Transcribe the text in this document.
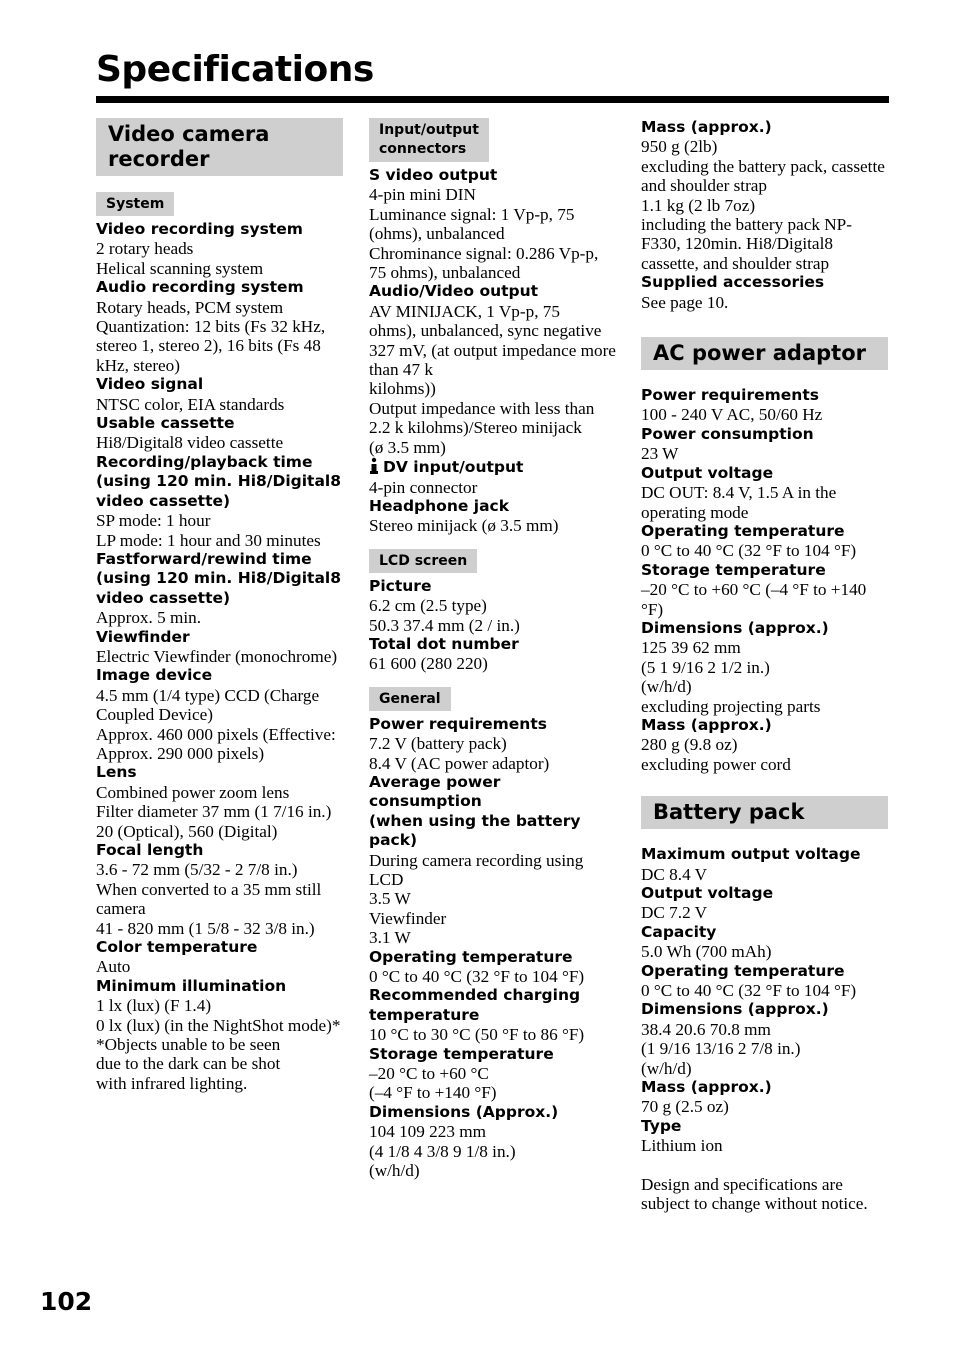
Specifications
Video camera recorder
System
Video recording system
2 rotary heads
Helical scanning system
Audio recording system
Rotary heads, PCM system
Quantization: 12 bits (Fs 32 kHz, stereo 1, stereo 2), 16 bits (Fs 48 kHz, stereo)
Video signal
NTSC color, EIA standards
Usable cassette
Hi8/Digital8 video cassette
Recording/playback time (using 120 min. Hi8/Digital8 video cassette)
SP mode: 1 hour
LP mode: 1 hour and 30 minutes
Fastforward/rewind time (using 120 min. Hi8/Digital8 video cassette)
Approx. 5 min.
Viewfinder
Electric Viewfinder (monochrome)
Image device
4.5 mm (1/4 type) CCD (Charge Coupled Device)
Approx. 460 000 pixels (Effective: Approx. 290 000 pixels)
Lens
Combined power zoom lens
Filter diameter 37 mm (1 7/16 in.)
20 (Optical), 560 (Digital)
Focal length
3.6 - 72 mm (5/32 - 2 7/8 in.)
When converted to a 35 mm still camera
41 - 820 mm (1 5/8 - 32 3/8 in.)
Color temperature
Auto
Minimum illumination
1 lx (lux) (F 1.4)
0 lx (lux) (in the NightShot mode)*
*Objects unable to be seen
due to the dark can be shot
with infrared lighting.
Input/output connectors
S video output
4-pin mini DIN
Luminance signal: 1 Vp-p, 75 (ohms), unbalanced
Chrominance signal: 0.286 Vp-p, 75 ohms), unbalanced
Audio/Video output
AV MINIJACK, 1 Vp-p, 75
ohms), unbalanced, sync negative 327 mV, (at output impedance more than 47 k
kilohms))
Output impedance with less than 2.2 k kilohms)/Stereo minijack
(ø 3.5 mm)
DV input/output
4-pin connector
Headphone jack
Stereo minijack (ø 3.5 mm)
LCD screen
Picture
6.2 cm (2.5 type)
50.3 37.4 mm (2 / in.)
Total dot number
61 600 (280 220)
General
Power requirements
7.2 V (battery pack)
8.4 V (AC power adaptor)
Average power consumption
(when using the battery pack)
During camera recording using LCD
3.5 W
Viewfinder
3.1 W
Operating temperature
0 °C to 40 °C (32 °F to 104 °F)
Recommended charging temperature
10 °C to 30 °C (50 °F to 86 °F)
Storage temperature
–20 °C to +60 °C
(–4 °F to +140 °F)
Dimensions (Approx.)
104 109 223 mm
(4 1/8 4 3/8 9 1/8 in.)
(w/h/d)
Mass (approx.)
950 g (2lb)
excluding the battery pack, cassette and shoulder strap
1.1 kg (2 lb 7oz)
including the battery pack NP-F330, 120min. Hi8/Digital8 cassette, and shoulder strap
Supplied accessories
See page 10.
AC power adaptor
Power requirements
100 - 240 V AC, 50/60 Hz
Power consumption
23 W
Output voltage
DC OUT: 8.4 V, 1.5 A in the operating mode
Operating temperature
0 °C to 40 °C (32 °F to 104 °F)
Storage temperature
–20 °C to +60 °C (–4 °F to +140 °F)
Dimensions (approx.)
125 39 62 mm
(5 1 9/16 2 1/2 in.)
(w/h/d)
excluding projecting parts
Mass (approx.)
280 g (9.8 oz)
excluding power cord
Battery pack
Maximum output voltage
DC 8.4 V
Output voltage
DC 7.2 V
Capacity
5.0 Wh (700 mAh)
Operating temperature
0 °C to 40 °C (32 °F to 104 °F)
Dimensions (approx.)
38.4 20.6 70.8 mm
(1 9/16 13/16 2 7/8 in.)
(w/h/d)
Mass (approx.)
70 g (2.5 oz)
Type
Lithium ion
Design and specifications are subject to change without notice.
102
